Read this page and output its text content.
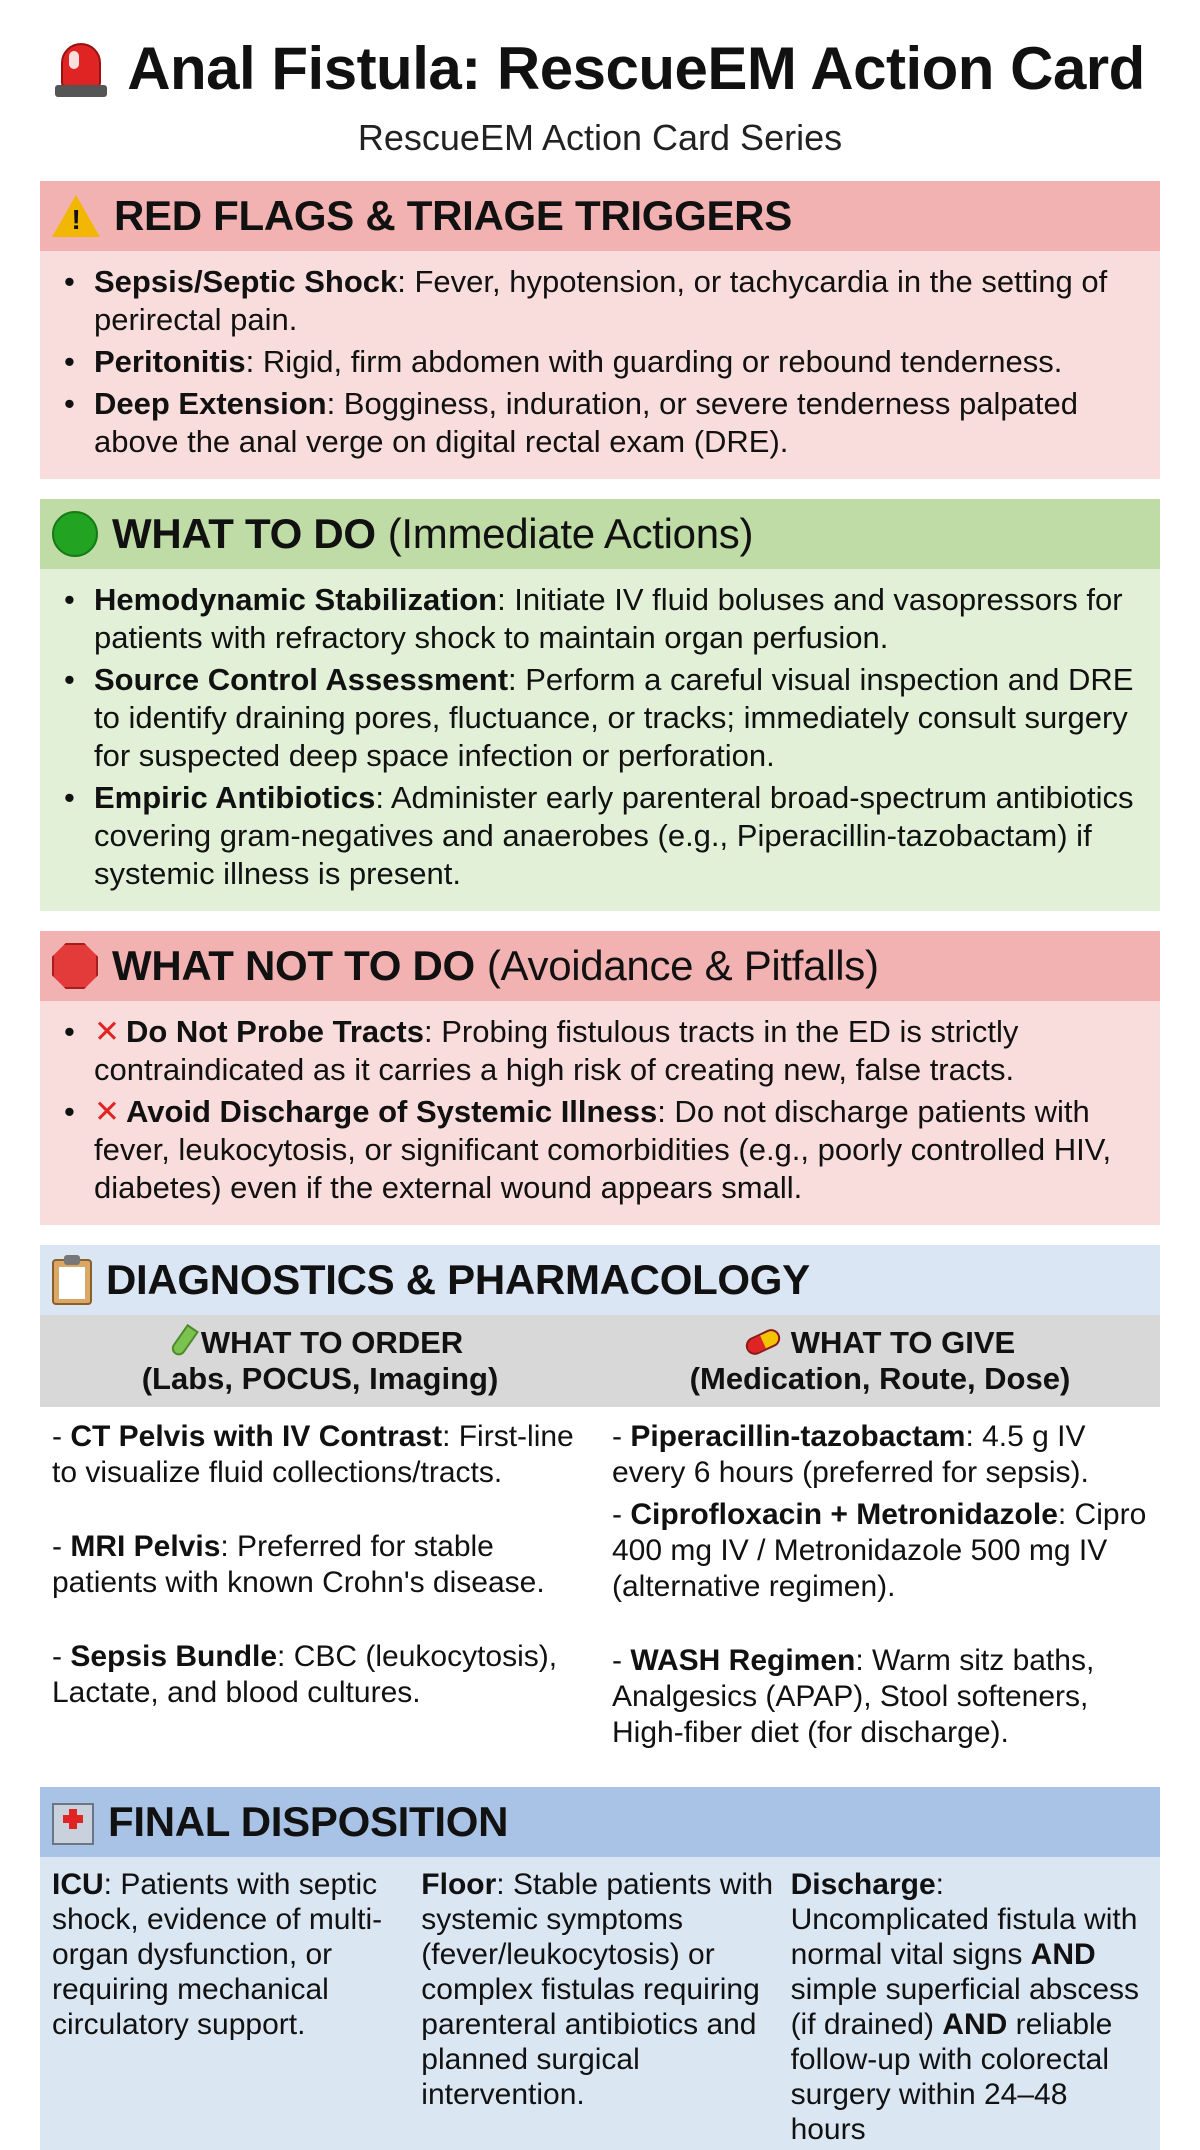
Anal Fistula: RescueEM Action Card
RescueEM Action Card Series
! RED FLAGS & TRIAGE TRIGGERS
• Sepsis/Septic Shock: Fever, hypotension, or tachycardia in the setting of perirectal pain.
• Peritonitis: Rigid, firm abdomen with guarding or rebound tenderness.
• Deep Extension: Bogginess, induration, or severe tenderness palpated above the anal verge on digital rectal exam (DRE).
WHAT TO DO (Immediate Actions)
• Hemodynamic Stabilization: Initiate IV fluid boluses and vasopressors for patients with refractory shock to maintain organ perfusion.
• Source Control Assessment: Perform a careful visual inspection and DRE to identify draining pores, fluctuance, or tracks; immediately consult surgery for suspected deep space infection or perforation.
• Empiric Antibiotics: Administer early parenteral broad-spectrum antibiotics covering gram-negatives and anaerobes (e.g., Piperacillin-tazobactam) if systemic illness is present.
WHAT NOT TO DO (Avoidance & Pitfalls)
• ✕ Do Not Probe Tracts: Probing fistulous tracts in the ED is strictly contraindicated as it carries a high risk of creating new, false tracts.
• ✕ Avoid Discharge of Systemic Illness: Do not discharge patients with fever, leukocytosis, or significant comorbidities (e.g., poorly controlled HIV, diabetes) even if the external wound appears small.
DIAGNOSTICS & PHARMACOLOGY
WHAT TO ORDER
(Labs, POCUS, Imaging)
- CT Pelvis with IV Contrast: First-line to visualize fluid collections/tracts.
- MRI Pelvis: Preferred for stable patients with known Crohn's disease.
- Sepsis Bundle: CBC (leukocytosis), Lactate, and blood cultures.
WHAT TO GIVE
(Medication, Route, Dose)
- Piperacillin-tazobactam: 4.5 g IV every 6 hours (preferred for sepsis).
- Ciprofloxacin + Metronidazole: Cipro 400 mg IV / Metronidazole 500 mg IV (alternative regimen).
- WASH Regimen: Warm sitz baths, Analgesics (APAP), Stool softeners, High-fiber diet (for discharge).
FINAL DISPOSITION
ICU: Patients with septic shock, evidence of multi-organ dysfunction, or requiring mechanical circulatory support.
Floor: Stable patients with systemic symptoms (fever/leukocytosis) or complex fistulas requiring parenteral antibiotics and planned surgical intervention.
Discharge: Uncomplicated fistula with normal vital signs AND simple superficial abscess (if drained) AND reliable follow-up with colorectal surgery within 24–48 hours
